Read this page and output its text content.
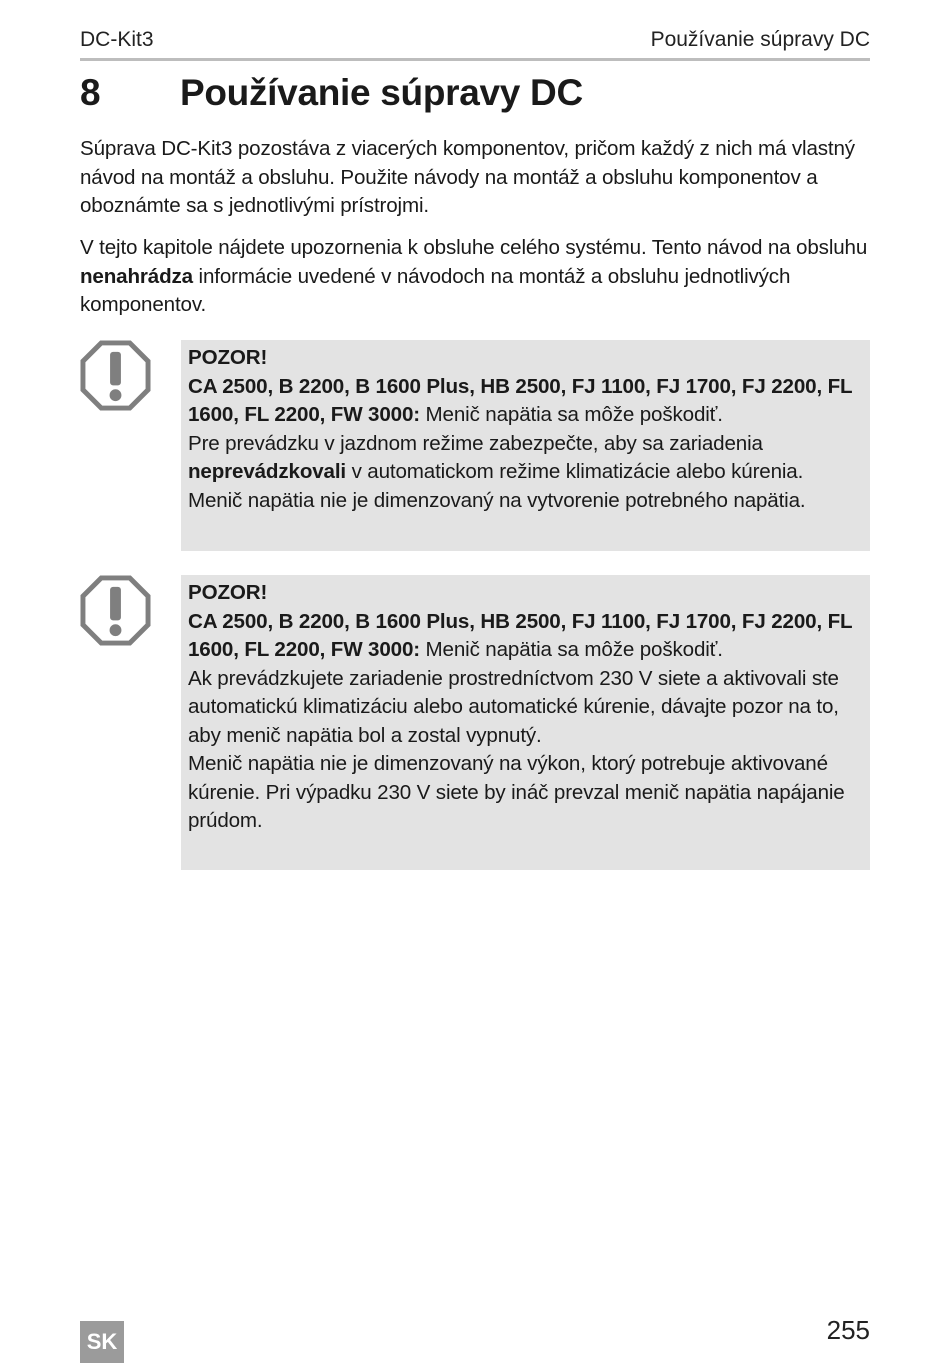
DC-Kit3	Používanie súpravy DC
8 Používanie súpravy DC

Súprava DC-Kit3 pozostáva z viacerých komponentov, pričom každý z nich má vlastný návod na montáž a obsluhu. Použite návody na montáž a obsluhu komponentov a oboznámte sa s jednotlivými prístrojmi.

V tejto kapitole nájdete upozornenia k obsluhe celého systému. Tento návod na obsluhu nenahrádza informácie uvedené v návodoch na montáž a obsluhu jednotlivých komponentov.

POZOR!

CA 2500, B 2200, B 1600 Plus, HB 2500, FJ 1100, FJ 1700, FJ 2200, FL 1600, FL 2200, FW 3000: Menič napätia sa môže poškodiť.

Pre prevádzku v jazdnom režime zabezpečte, aby sa zariadenia neprevádzkovali v automatickom režime klimatizácie alebo kúrenia.

Menič napätia nie je dimenzovaný na vytvorenie potrebného napätia.

POZOR!

CA 2500, B 2200, B 1600 Plus, HB 2500, FJ 1100, FJ 1700, FJ 2200, FL 1600, FL 2200, FW 3000: Menič napätia sa môže poškodiť.

Ak prevádzkujete zariadenie prostredníctvom 230 V siete a aktivovali ste automatickú klimatizáciu alebo automatické kúrenie, dávajte pozor na to, aby menič napätia bol a zostal vypnutý.

Menič napätia nie je dimenzovaný na výkon, ktorý potrebuje aktivované kúrenie. Pri výpadku 230 V siete by ináč prevzal menič napätia napájanie prúdom.

SK	255
